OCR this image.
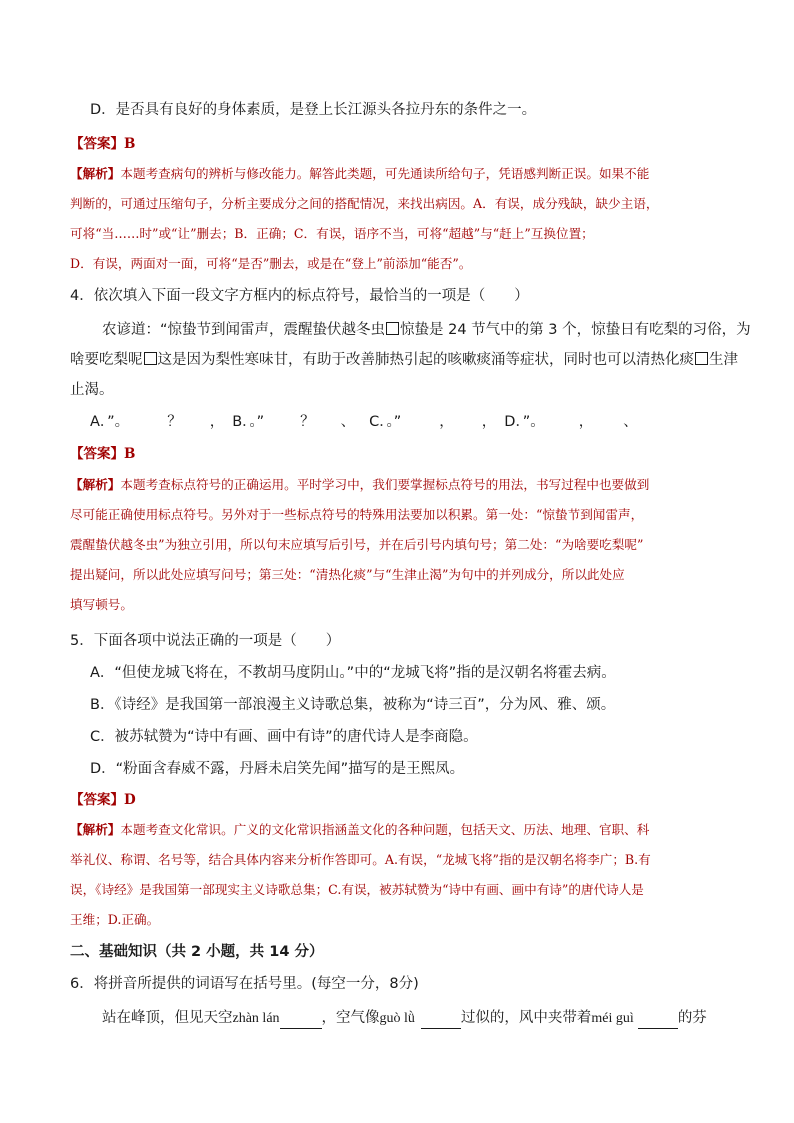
D．是否具有良好的身体素质，是登上长江源头各拉丹东的条件之一。
【答案】B
【解析】本题考查病句的辨析与修改能力。解答此类题，可先通读所给句子，凭语感判断正误。如果不能
判断的，可通过压缩句子，分析主要成分之间的搭配情况，来找出病因。A．有误，成分残缺，缺少主语，
可将“当……时”或“让”删去；B．正确；C．有误，语序不当，可将“超越”与“赶上”互换位置；
D．有误，两面对一面，可将“是否”删去，或是在“登上”前添加“能否”。
4．依次填入下面一段文字方框内的标点符号，最恰当的一项是（　　）
农谚道：“惊蛰节到闻雷声，震醒蛰伏越冬虫 惊蛰是 24 节气中的第 3 个，惊蛰日有吃梨的习俗，为
啥要吃梨呢 这是因为梨性寒味甘，有助于改善肺热引起的咳嗽痰涌等症状，同时也可以清热化痰 生津
止渴。
A．”。	？ ， B．。” ？ 、 C．。”	， ， D．”。 ， 、
【答案】B
【解析】本题考查标点符号的正确运用。平时学习中，我们要掌握标点符号的用法，书写过程中也要做到
尽可能正确使用标点符号。另外对于一些标点符号的特殊用法要加以积累。第一处：“惊蛰节到闻雷声，
震醒蛰伏越冬虫”为独立引用，所以句末应填写后引号，并在后引号内填句号；第二处：“为啥要吃梨呢”
提出疑问，所以此处应填写问号；第三处：“清热化痰”与“生津止渴”为句中的并列成分，所以此处应
填写顿号。
5．下面各项中说法正确的一项是（　　）
A．“但使龙城飞将在，不教胡马度阴山。”中的“龙城飞将”指的是汉朝名将霍去病。
B．《诗经》是我国第一部浪漫主义诗歌总集，被称为“诗三百”，分为风、雅、颂。
C．被苏轼赞为“诗中有画、画中有诗”的唐代诗人是李商隐。
D．“粉面含春威不露，丹唇未启笑先闻”描写的是王熙凤。
【答案】D
【解析】本题考查文化常识。广义的文化常识指涵盖文化的各种问题，包括天文、历法、地理、官职、科
举礼仪、称谓、名号等，结合具体内容来分析作答即可。A.有误，“龙城飞将”指的是汉朝名将李广；B.有
误，《诗经》是我国第一部现实主义诗歌总集；C.有误，被苏轼赞为“诗中有画、画中有诗”的唐代诗人是
王维；D.正确。
二、基础知识（共 2 小题，共 14 分）
6．将拼音所提供的词语写在括号里。(每空一分，8分)
站在峰顶，但见天空zhàn lán	，空气像guò lǜ	过似的，风中夹带着méi guì	的芬
